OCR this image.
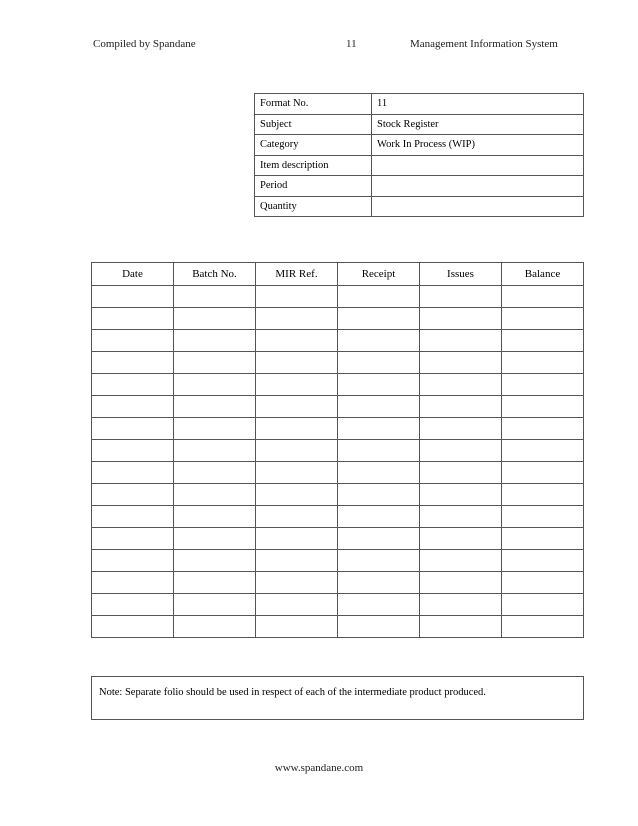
Compiled by Spandane	11	Management Information System
Format No.	11
Subject	Stock Register
Category	Work In Process (WIP)
Item description	
Period	
Quantity	
Date	Batch No.	MIR Ref.	Receipt	Issues	Balance

Note: Separate folio should be used in respect of each of the intermediate product produced.
www.spandane.com
